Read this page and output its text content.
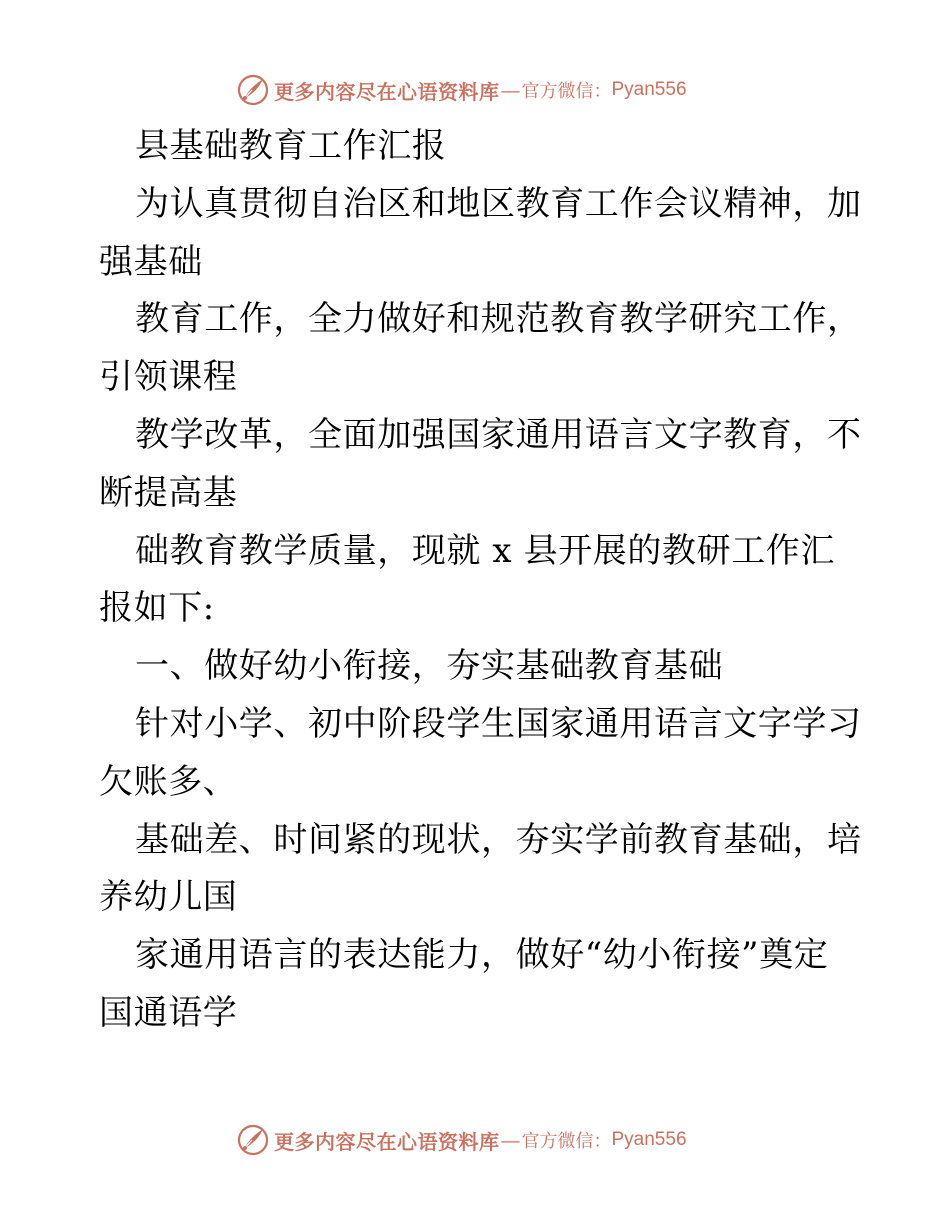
更多内容尽在心语资料库 — 官方微信： Pyan556
县基础教育工作汇报
为认真贯彻自治区和地区教育工作会议精神，加
强基础
教育工作，全力做好和规范教育教学研究工作，
引领课程
教学改革，全面加强国家通用语言文字教育，不
断提高基
础教育教学质量，现就 x 县开展的教研工作汇
报如下:
一、做好幼小衔接，夯实基础教育基础
针对小学、初中阶段学生国家通用语言文字学习
欠账多、
基础差、时间紧的现状，夯实学前教育基础，培
养幼儿国
家通用语言的表达能力，做好“幼小衔接”奠定
国通语学
更多内容尽在心语资料库 — 官方微信： Pyan556
